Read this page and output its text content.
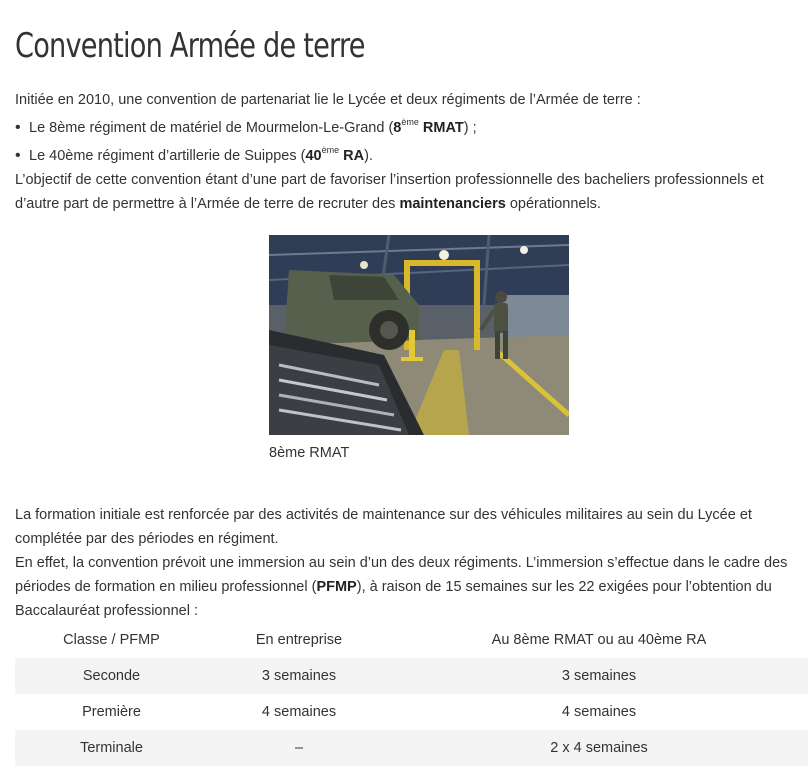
Convention Armée de terre
Initiée en 2010, une convention de partenariat lie le Lycée et deux régiments de l’Armée de terre :
• Le 8ème régiment de matériel de Mourmelon-Le-Grand (8ème RMAT) ;
• Le 40ème régiment d’artillerie de Suippes (40ème RA).
L’objectif de cette convention étant d’une part de favoriser l’insertion professionnelle des bacheliers professionnels et
d’autre part de permettre à l’Armée de terre de recruter des maintenanciers opérationnels.
8ème RMAT
La formation initiale est renforcée par des activités de maintenance sur des véhicules militaires au sein du Lycée et
complétée par des périodes en régiment.
En effet, la convention prévoit une immersion au sein d’un des deux régiments. L’immersion s’effectue dans le cadre des
périodes de formation en milieu professionnel (PFMP), à raison de 15 semaines sur les 22 exigées pour l’obtention du
Baccalauréat professionnel :
Classe / PFMP	En entreprise	Au 8ème RMAT ou au 40ème RA
Seconde	3 semaines	3 semaines
Première	4 semaines	4 semaines
Terminale	–	2 x 4 semaines
